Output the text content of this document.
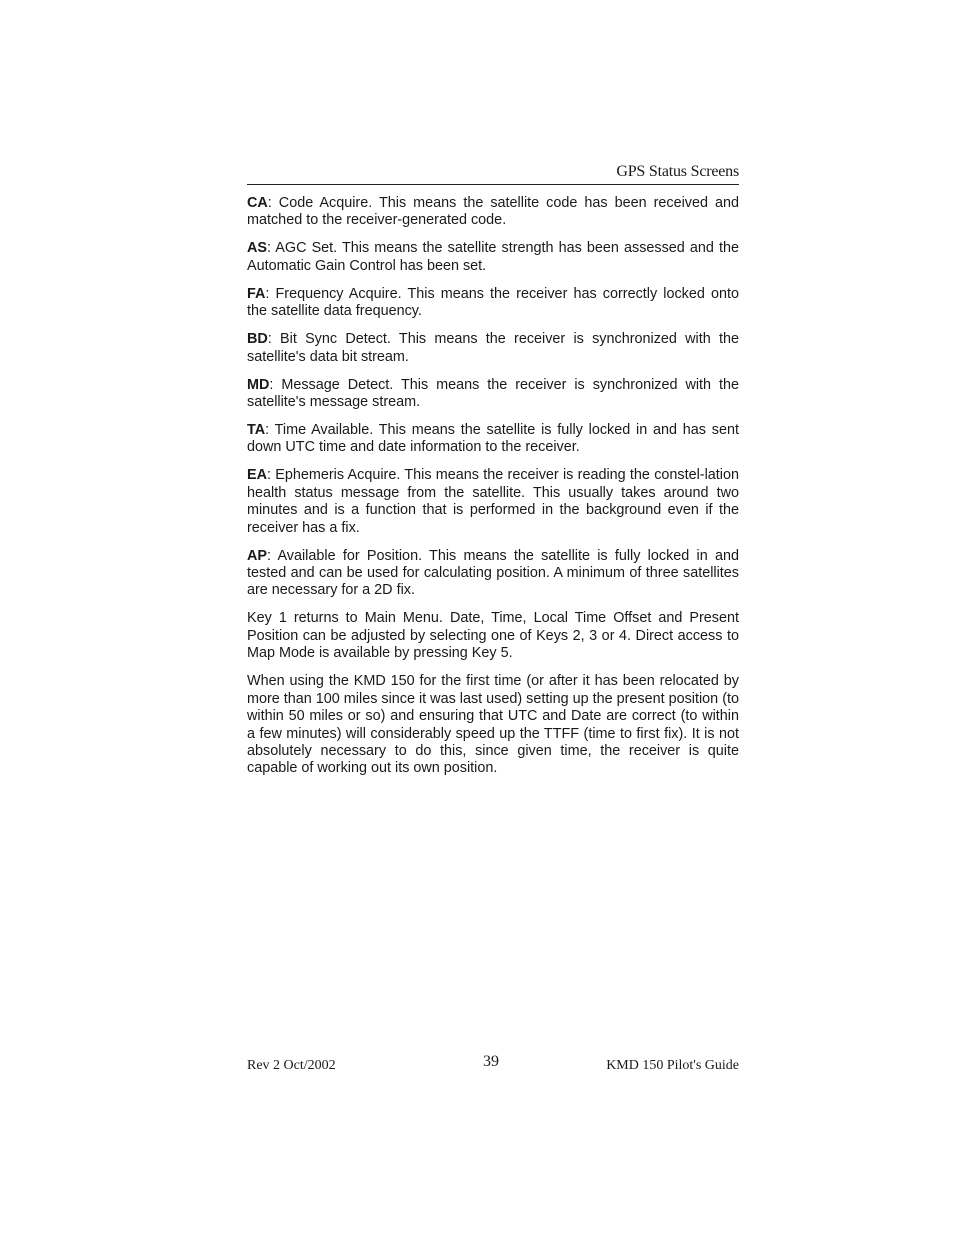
GPS Status Screens

CA: Code Acquire. This means the satellite code has been received and matched to the receiver-generated code.

AS: AGC Set. This means the satellite strength has been assessed and the Automatic Gain Control has been set.

FA: Frequency Acquire. This means the receiver has correctly locked onto the satellite data frequency.

BD: Bit Sync Detect. This means the receiver is synchronized with the satellite's data bit stream.

MD: Message Detect. This means the receiver is synchronized with the satellite's message stream.

TA: Time Available. This means the satellite is fully locked in and has sent down UTC time and date information to the receiver.

EA: Ephemeris Acquire. This means the receiver is reading the constel-lation health status message from the satellite. This usually takes around two minutes and is a function that is performed in the background even if the receiver has a fix.

AP: Available for Position. This means the satellite is fully locked in and tested and can be used for calculating position. A minimum of three satellites are necessary for a 2D fix.

Key 1 returns to Main Menu. Date, Time, Local Time Offset and Present Position can be adjusted by selecting one of Keys 2, 3 or 4. Direct access to Map Mode is available by pressing Key 5.

When using the KMD 150 for the first time (or after it has been relocated by more than 100 miles since it was last used) setting up the present position (to within 50 miles or so) and ensuring that UTC and Date are correct (to within a few minutes) will considerably speed up the TTFF (time to first fix). It is not absolutely necessary to do this, since given time, the receiver is quite capable of working out its own position.

Rev 2 Oct/2002	39	KMD 150 Pilot's Guide
